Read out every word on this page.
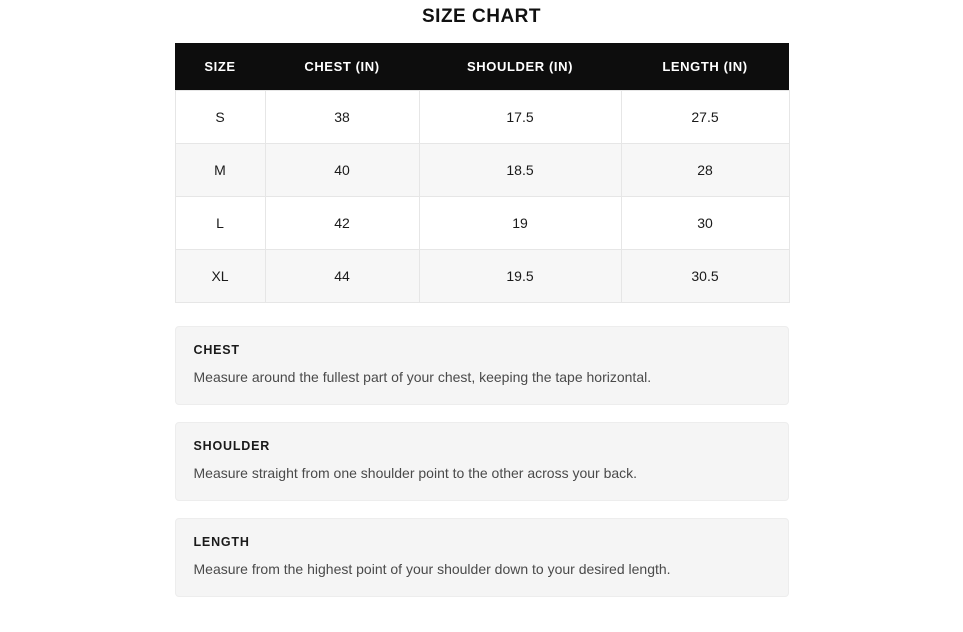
SIZE CHART
SIZE	CHEST (IN)	SHOULDER (IN)	LENGTH (IN)
S	38	17.5	27.5
M	40	18.5	28
L	42	19	30
XL	44	19.5	30.5
CHEST
Measure around the fullest part of your chest, keeping the tape horizontal.
SHOULDER
Measure straight from one shoulder point to the other across your back.
LENGTH
Measure from the highest point of your shoulder down to your desired length.
